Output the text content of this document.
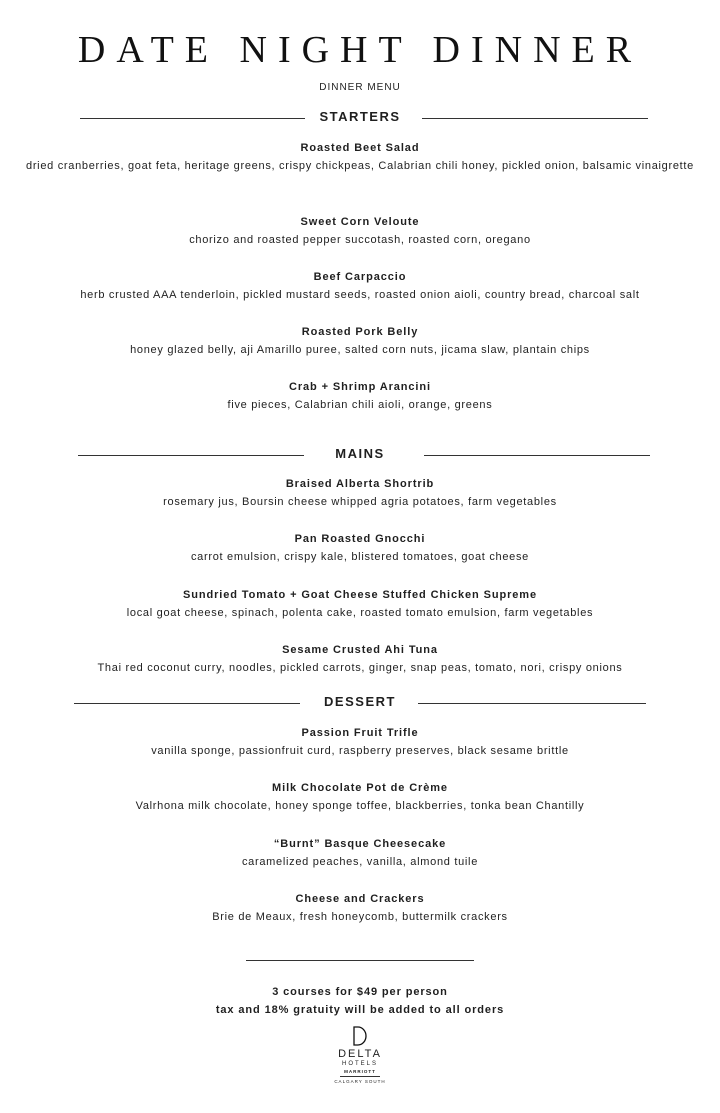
DATE NIGHT DINNER
DINNER MENU
STARTERS
Roasted Beet Salad
dried cranberries, goat feta, heritage greens, crispy chickpeas, Calabrian chili honey, pickled onion, balsamic vinaigrette
Sweet Corn Veloute
chorizo and roasted pepper succotash, roasted corn, oregano
Beef Carpaccio
herb crusted AAA tenderloin, pickled mustard seeds, roasted onion aioli, country bread, charcoal salt
Roasted Pork Belly
honey glazed belly, aji Amarillo puree, salted corn nuts, jicama slaw, plantain chips
Crab + Shrimp Arancini
five pieces, Calabrian chili aioli, orange, greens
MAINS
Braised Alberta Shortrib
rosemary jus, Boursin cheese whipped agria potatoes, farm vegetables
Pan Roasted Gnocchi
carrot emulsion, crispy kale, blistered tomatoes, goat cheese
Sundried Tomato + Goat Cheese Stuffed Chicken Supreme
local goat cheese, spinach, polenta cake, roasted tomato emulsion, farm vegetables
Sesame Crusted Ahi Tuna
Thai red coconut curry, noodles, pickled carrots, ginger, snap peas, tomato, nori, crispy onions
DESSERT
Passion Fruit Trifle
vanilla sponge, passionfruit curd, raspberry preserves, black sesame brittle
Milk Chocolate Pot de Crème
Valrhona milk chocolate, honey sponge toffee, blackberries, tonka bean Chantilly
“Burnt” Basque Cheesecake
caramelized peaches, vanilla, almond tuile
Cheese and Crackers
Brie de Meaux, fresh honeycomb, buttermilk crackers
3 courses for $49 per person
tax and 18% gratuity will be added to all orders
DELTA
HOTELS
MARRIOTT
CALGARY SOUTH
